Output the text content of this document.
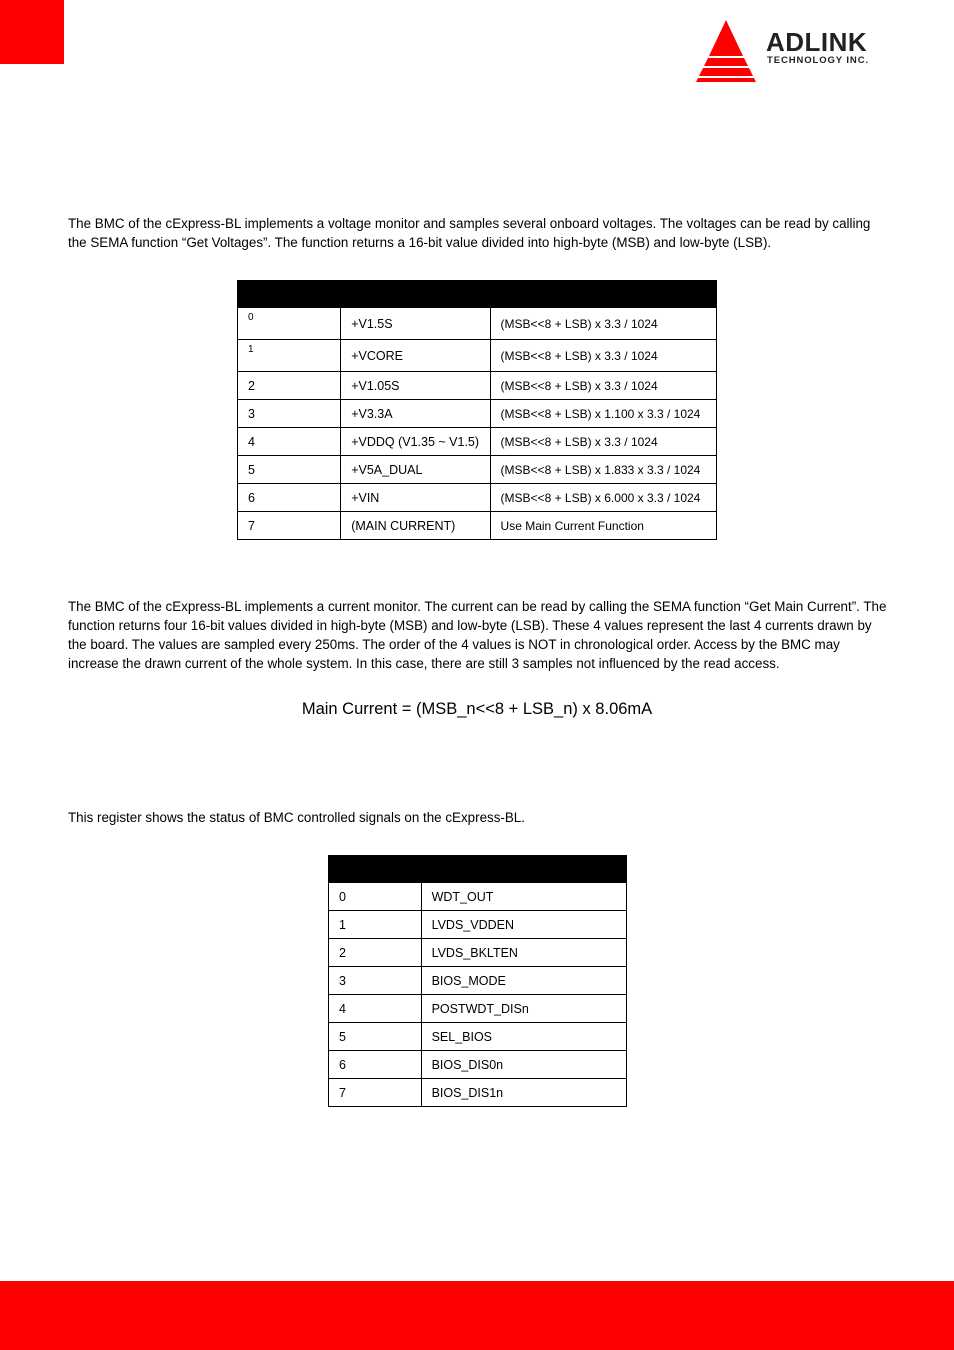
ADLINK
TECHNOLOGY INC.

The BMC of the cExpress-BL implements a voltage monitor and samples several onboard voltages. The voltages can be read by calling the SEMA function “Get Voltages”. The function returns a 16-bit value divided into high-byte (MSB) and low-byte (LSB).

0	+V1.5S	(MSB<<8 + LSB) x 3.3 / 1024
1	+VCORE	(MSB<<8 + LSB) x 3.3 / 1024
2	+V1.05S	(MSB<<8 + LSB) x 3.3 / 1024
3	+V3.3A	(MSB<<8 + LSB) x 1.100 x 3.3 / 1024
4	+VDDQ (V1.35 ~ V1.5)	(MSB<<8 + LSB) x 3.3 / 1024
5	+V5A_DUAL	(MSB<<8 + LSB) x 1.833 x 3.3 / 1024
6	+VIN	(MSB<<8 + LSB) x 6.000 x 3.3 / 1024
7	(MAIN CURRENT)	Use Main Current Function

The BMC of the cExpress-BL implements a current monitor. The current can be read by calling the SEMA function “Get Main Current”. The function returns four 16-bit values divided in high-byte (MSB) and low-byte (LSB). These 4 values represent the last 4 currents drawn by the board. The values are sampled every 250ms. The order of the 4 values is NOT in chronological order. Access by the BMC may increase the drawn current of the whole system. In this case, there are still 3 samples not influenced by the read access.

Main Current = (MSB_n<<8 + LSB_n) x 8.06mA

This register shows the status of BMC controlled signals on the cExpress-BL.

0	WDT_OUT
1	LVDS_VDDEN
2	LVDS_BKLTEN
3	BIOS_MODE
4	POSTWDT_DISn
5	SEL_BIOS
6	BIOS_DIS0n
7	BIOS_DIS1n
